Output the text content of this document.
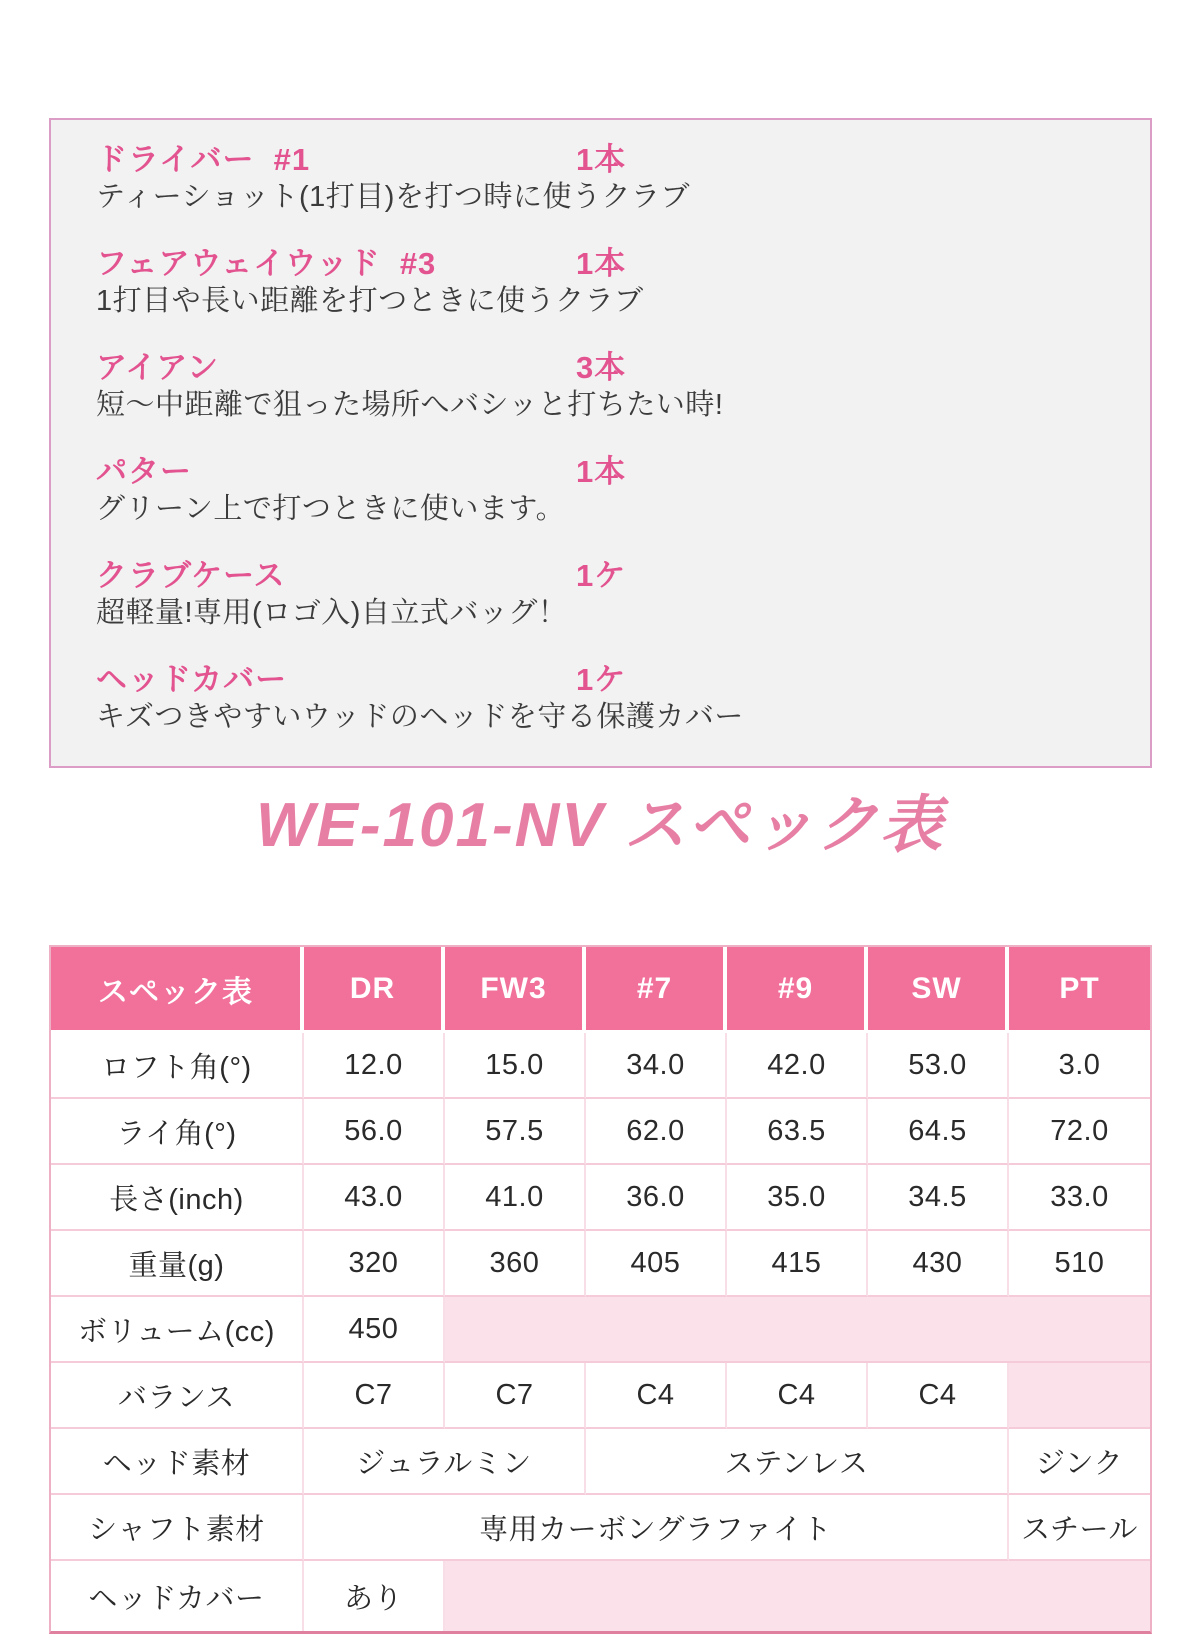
ドライバー  #1	1本
ティーショット(1打目)を打つ時に使うクラブ
フェアウェイウッド  #3	1本
1打目や長い距離を打つときに使うクラブ
アイアン	3本
短～中距離で狙った場所へバシッと打ちたい時!
パター	1本
グリーン上で打つときに使います。
クラブケース	1ケ
超軽量!専用(ロゴ入)自立式バッグ！
ヘッドカバー	1ケ
キズつきやすいウッドのヘッドを守る保護カバー
WE-101-NV スペック表
スペック表	DR	FW3	#7	#9	SW	PT
ロフト角(°)	12.0	15.0	34.0	42.0	53.0	3.0
ライ角(°)	56.0	57.5	62.0	63.5	64.5	72.0
長さ(inch)	43.0	41.0	36.0	35.0	34.5	33.0
重量(g)	320	360	405	415	430	510
ボリューム(cc)	450
バランス	C7	C7	C4	C4	C4
ヘッド素材	ジュラルミン	ステンレス	ジンク
シャフト素材	専用カーボングラファイト	スチール
ヘッドカバー	あり
